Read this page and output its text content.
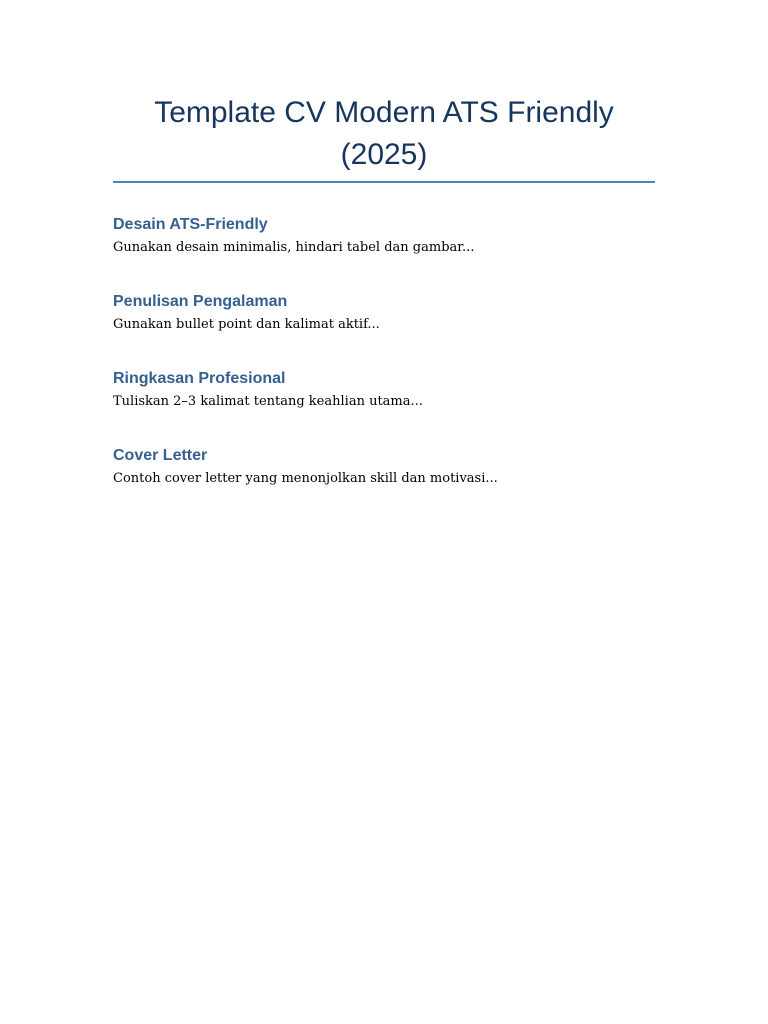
Template CV Modern ATS Friendly (2025)
Desain ATS-Friendly

Gunakan desain minimalis, hindari tabel dan gambar...

Penulisan Pengalaman

Gunakan bullet point dan kalimat aktif...

Ringkasan Profesional

Tuliskan 2–3 kalimat tentang keahlian utama...

Cover Letter

Contoh cover letter yang menonjolkan skill dan motivasi...
